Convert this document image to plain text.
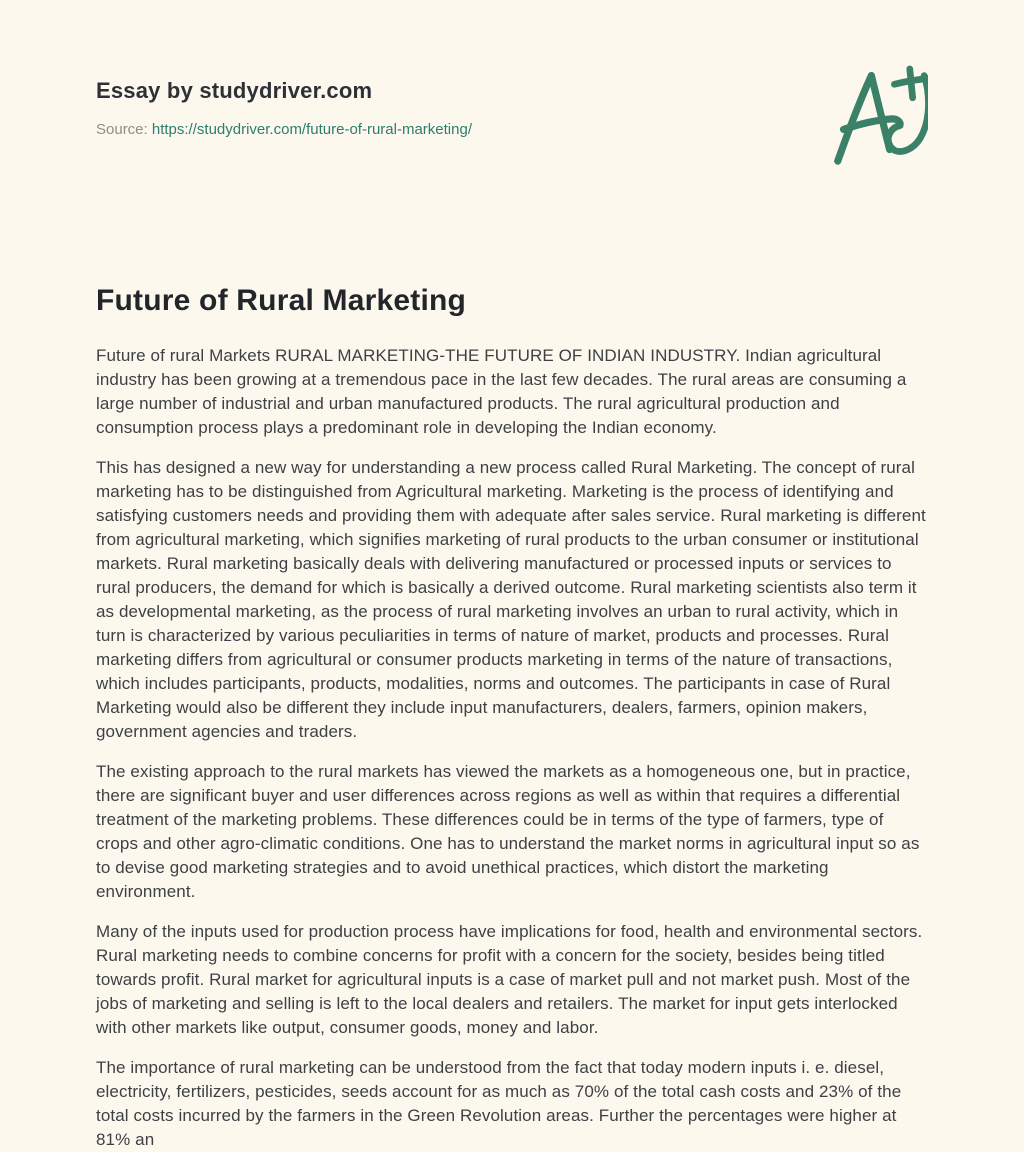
Essay by studydriver.com
Source: https://studydriver.com/future-of-rural-marketing/
Future of Rural Marketing

Future of rural Markets RURAL MARKETING-THE FUTURE OF INDIAN INDUSTRY. Indian agricultural industry has been growing at a tremendous pace in the last few decades. The rural areas are consuming a large number of industrial and urban manufactured products. The rural agricultural production and consumption process plays a predominant role in developing the Indian economy.

This has designed a new way for understanding a new process called Rural Marketing. The concept of rural marketing has to be distinguished from Agricultural marketing. Marketing is the process of identifying and satisfying customers needs and providing them with adequate after sales service. Rural marketing is different from agricultural marketing, which signifies marketing of rural products to the urban consumer or institutional markets. Rural marketing basically deals with delivering manufactured or processed inputs or services to rural producers, the demand for which is basically a derived outcome. Rural marketing scientists also term it as developmental marketing, as the process of rural marketing involves an urban to rural activity, which in turn is characterized by various peculiarities in terms of nature of market, products and processes. Rural marketing differs from agricultural or consumer products marketing in terms of the nature of transactions, which includes participants, products, modalities, norms and outcomes. The participants in case of Rural Marketing would also be different they include input manufacturers, dealers, farmers, opinion makers, government agencies and traders.

The existing approach to the rural markets has viewed the markets as a homogeneous one, but in practice, there are significant buyer and user differences across regions as well as within that requires a differential treatment of the marketing problems. These differences could be in terms of the type of farmers, type of crops and other agro-climatic conditions. One has to understand the market norms in agricultural input so as to devise good marketing strategies and to avoid unethical practices, which distort the marketing environment.

Many of the inputs used for production process have implications for food, health and environmental sectors. Rural marketing needs to combine concerns for profit with a concern for the society, besides being titled towards profit. Rural market for agricultural inputs is a case of market pull and not market push. Most of the jobs of marketing and selling is left to the local dealers and retailers. The market for input gets interlocked with other markets like output, consumer goods, money and labor.

The importance of rural marketing can be understood from the fact that today modern inputs i. e. diesel, electricity, fertilizers, pesticides, seeds account for as much as 70% of the total cash costs and 23% of the total costs incurred by the farmers in the Green Revolution areas. Further the percentages were higher at 81% an
